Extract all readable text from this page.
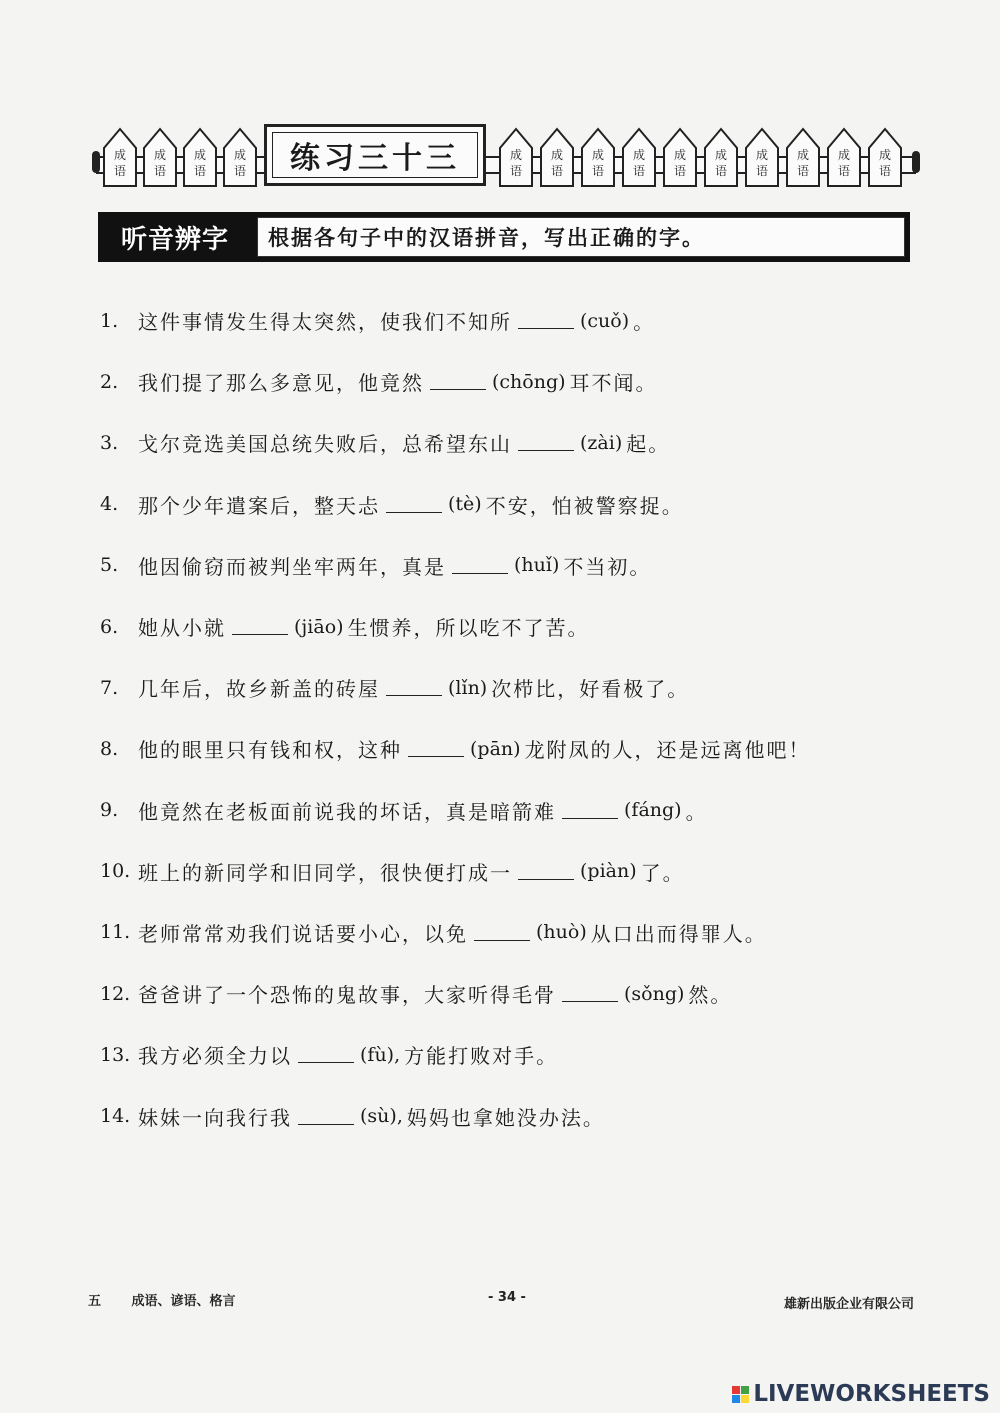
成
语
成
语
成
语
成
语	练习三十三	成
语
成
语
成
语
成
语
成
语
成
语
成
语
成
语
成
语
成
语
听音辨字	根据各句子中的汉语拼音，写出正确的字。
1. 这件事情发生得太突然，使我们不知所	(cuǒ) 。
2. 我们提了那么多意见，他竟然	(chōng) 耳不闻。
3. 戈尔竞选美国总统失败后，总希望东山	(zài) 起。
4. 那个少年遣案后，整天忐	(tè) 不安，怕被警察捉。
5. 他因偷窃而被判坐牢两年，真是	(huǐ) 不当初。
6. 她从小就	(jiāo) 生惯养，所以吃不了苦。
7. 几年后，故乡新盖的砖屋	(lǐn) 次栉比，好看极了。
8. 他的眼里只有钱和权，这种	(pān) 龙附凤的人，还是远离他吧！
9. 他竟然在老板面前说我的坏话，真是暗箭难	(fáng) 。
10. 班上的新同学和旧同学，很快便打成一	(piàn) 了。
11. 老师常常劝我们说话要小心，以免	(huò) 从口出而得罪人。
12. 爸爸讲了一个恐怖的鬼故事，大家听得毛骨	(sǒng) 然。
13. 我方必须全力以	(fù), 方能打败对手。
14. 妹妹一向我行我	(sù), 妈妈也拿她没办法。
五 成语、谚语、格言	- 34 -	雄新出版企业有限公司
LIVEWORKSHEETS
